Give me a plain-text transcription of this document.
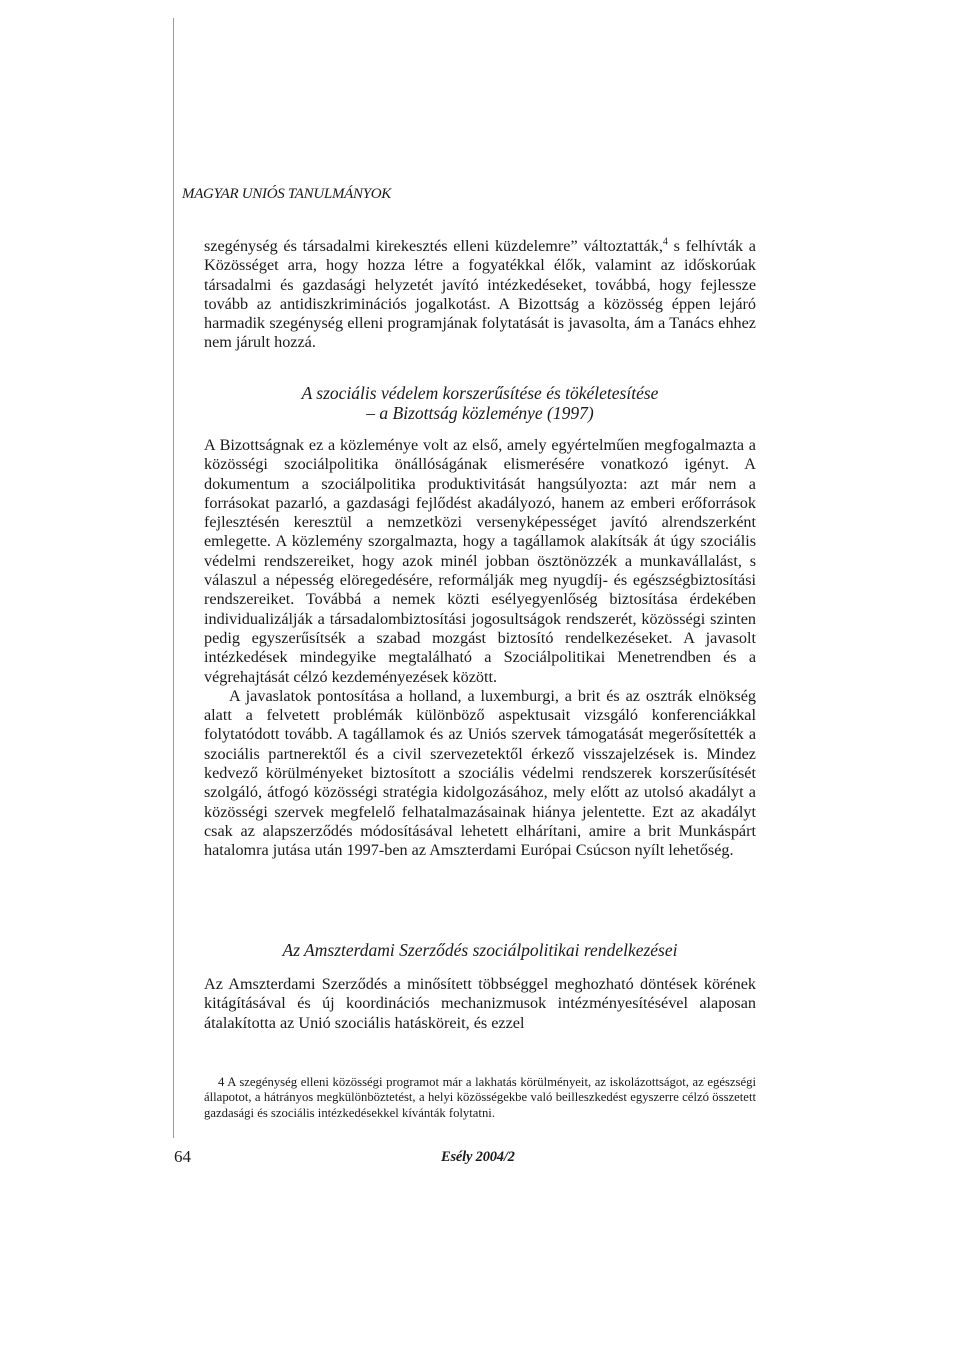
MAGYAR UNIÓS TANULMÁNYOK

szegénység és társadalmi kirekesztés elleni küzdelemre” változtatták,$^4$ s felhívták a Közösséget arra, hogy hozza létre a fogyatékkal élők, valamint az időskorúak társadalmi és gazdasági helyzetét javító intézkedéseket, továbbá, hogy fejlessze tovább az antidiszkriminációs jogalkotást. A Bizottság a közösség éppen lejáró harmadik szegénység elleni programjának folytatását is javasolta, ám a Tanács ehhez nem járult hozzá.

A szociális védelem korszerűsítése és tökéletesítése
– a Bizottság közleménye (1997)

A Bizottságnak ez a közleménye volt az első, amely egyértelműen megfogalmazta a közösségi szociálpolitika önállóságának elismerésére vonatkozó igényt. A dokumentum a szociálpolitika produktivitását hangsúlyozta: azt már nem a forrásokat pazarló, a gazdasági fejlődést akadályozó, hanem az emberi erőforrások fejlesztésén keresztül a nemzetközi versenyképességet javító alrendszerként emlegette. A közlemény szorgalmazta, hogy a tagállamok alakítsák át úgy szociális védelmi rendszereiket, hogy azok minél jobban ösztönözzék a munkavállalást, s válaszul a népesség elöregedésére, reformálják meg nyugdíj- és egészségbiztosítási rendszereiket. Továbbá a nemek közti esélyegyenlőség biztosítása érdekében individualizálják a társadalombiztosítási jogosultságok rendszerét, közösségi szinten pedig egyszerűsítsék a szabad mozgást biztosító rendelkezéseket. A javasolt intézkedések mindegyike megtalálható a Szociálpolitikai Menetrendben és a végrehajtását célzó kezdeményezések között.

A javaslatok pontosítása a holland, a luxemburgi, a brit és az osztrák elnökség alatt a felvetett problémák különböző aspektusait vizsgáló konferenciákkal folytatódott tovább. A tagállamok és az Uniós szervek támogatását megerősítették a szociális partnerektől és a civil szervezetektől érkező visszajelzések is. Mindez kedvező körülményeket biztosított a szociális védelmi rendszerek korszerűsítését szolgáló, átfogó közösségi stratégia kidolgozásához, mely előtt az utolsó akadályt a közösségi szervek megfelelő felhatalmazásainak hiánya jelentette. Ezt az akadályt csak az alapszerződés módosításával lehetett elhárítani, amire a brit Munkáspárt hatalomra jutása után 1997-ben az Amszterdami Európai Csúcson nyílt lehetőség.

Az Amszterdami Szerződés szociálpolitikai rendelkezései

Az Amszterdami Szerződés a minősített többséggel meghozható döntések körének kitágításával és új koordinációs mechanizmusok intézményesítésével alaposan átalakította az Unió szociális hatásköreit, és ezzel

4 A szegénység elleni közösségi programot már a lakhatás körülményeit, az iskolázottságot, az egészségi állapotot, a hátrányos megkülönböztetést, a helyi közösségekbe való beilleszkedést egyszerre célzó összetett gazdasági és szociális intézkedésekkel kívánták folytatni.

64	Esély 2004/2
